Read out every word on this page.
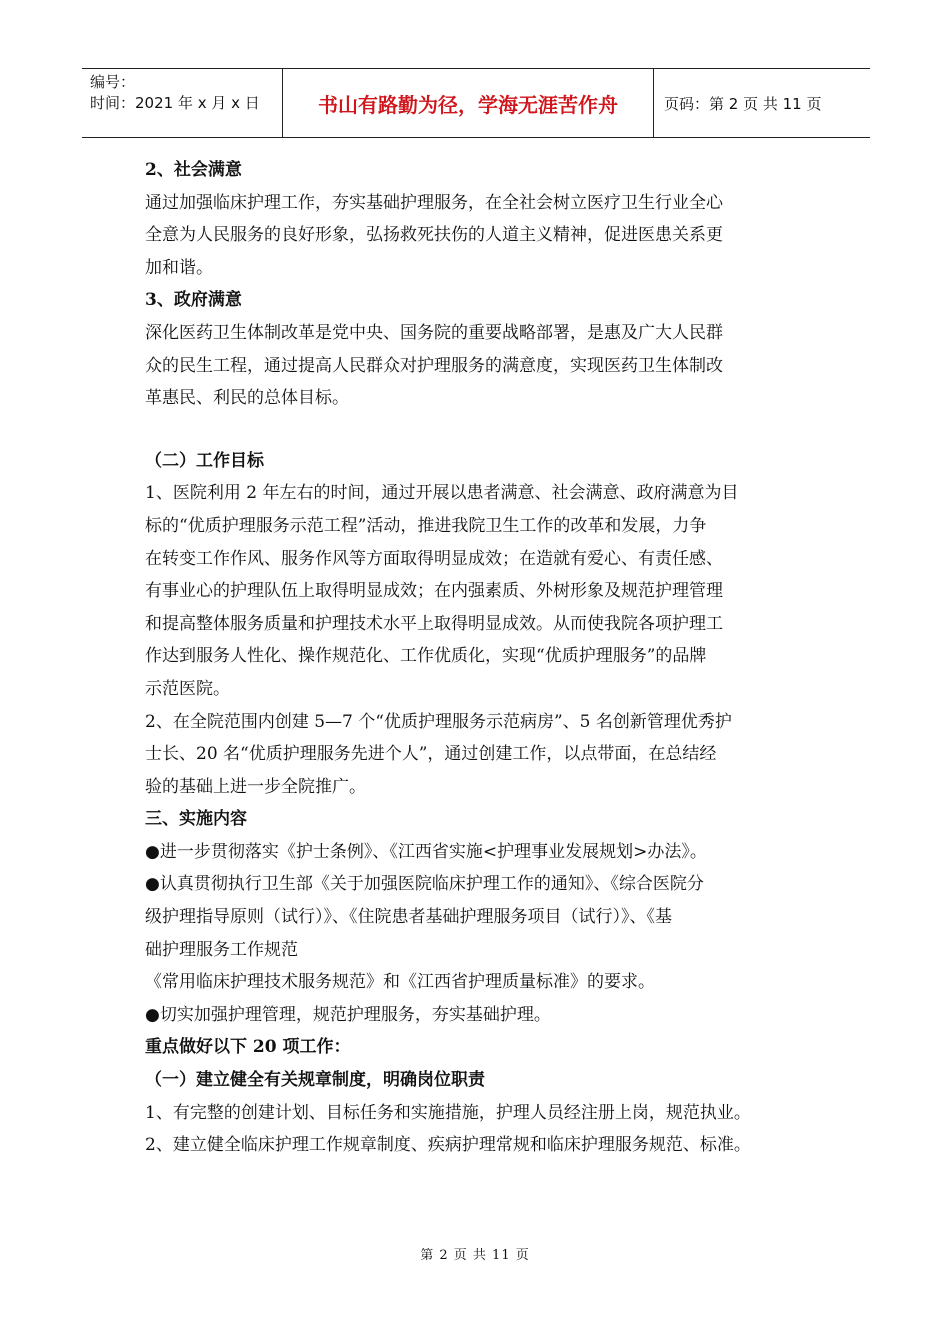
编号：
时间：2021 年 x 月 x 日	书山有路勤为径，学海无涯苦作舟	页码：第 2 页 共 11 页

2、社会满意

通过加强临床护理工作，夯实基础护理服务，在全社会树立医疗卫生行业全心

全意为人民服务的良好形象，弘扬救死扶伤的人道主义精神，促进医患关系更

加和谐。

3、政府满意

深化医药卫生体制改革是党中央、国务院的重要战略部署，是惠及广大人民群

众的民生工程，通过提高人民群众对护理服务的满意度，实现医药卫生体制改

革惠民、利民的总体目标。

（二）工作目标

1、医院利用 2 年左右的时间，通过开展以患者满意、社会满意、政府满意为目

标的“优质护理服务示范工程”活动，推进我院卫生工作的改革和发展，力争

在转变工作作风、服务作风等方面取得明显成效；在造就有爱心、有责任感、

有事业心的护理队伍上取得明显成效；在内强素质、外树形象及规范护理管理

和提高整体服务质量和护理技术水平上取得明显成效。从而使我院各项护理工

作达到服务人性化、操作规范化、工作优质化，实现“优质护理服务”的品牌

示范医院。

2、在全院范围内创建 5—7 个“优质护理服务示范病房”、5 名创新管理优秀护

士长、20 名“优质护理服务先进个人”，通过创建工作，以点带面，在总结经

验的基础上进一步全院推广。

三、实施内容

●进一步贯彻落实《护士条例》、《江西省实施<护理事业发展规划>办法》。

●认真贯彻执行卫生部《关于加强医院临床护理工作的通知》、《综合医院分

级护理指导原则（试行）》、《住院患者基础护理服务项目（试行）》、《基

础护理服务工作规范

《常用临床护理技术服务规范》和《江西省护理质量标准》的要求。

●切实加强护理管理，规范护理服务，夯实基础护理。

重点做好以下 20 项工作：

（一）建立健全有关规章制度，明确岗位职责

1、有完整的创建计划、目标任务和实施措施，护理人员经注册上岗，规范执业。

2、建立健全临床护理工作规章制度、疾病护理常规和临床护理服务规范、标准。

第 2 页 共 11 页
